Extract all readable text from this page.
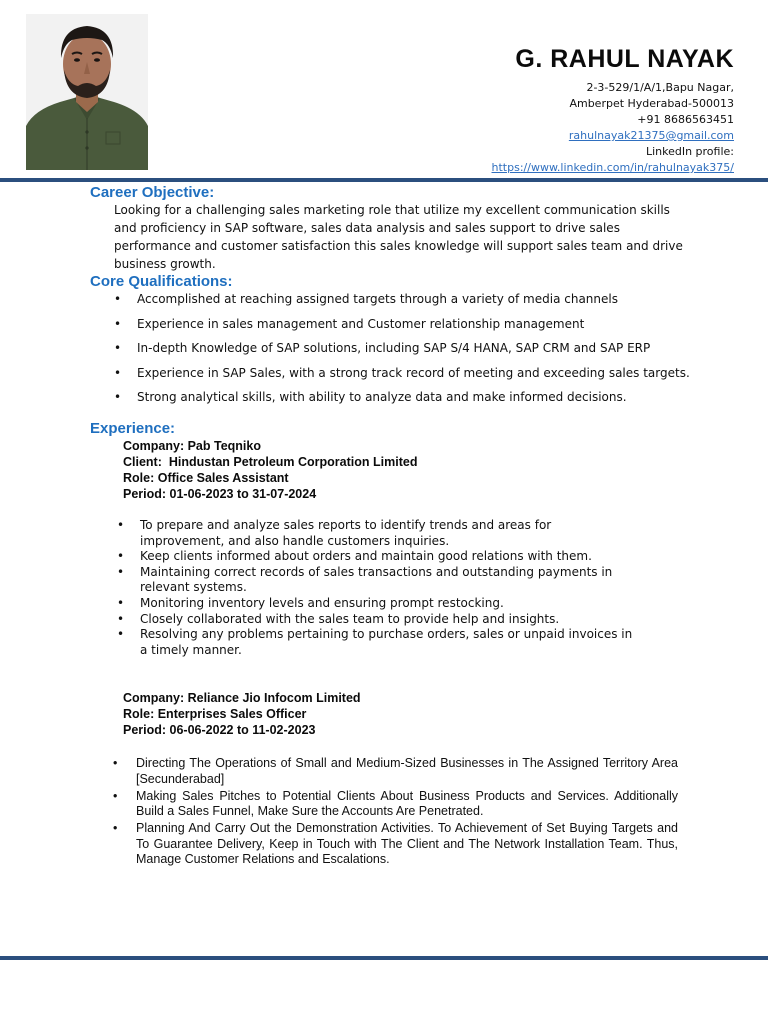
G. RAHUL NAYAK
2-3-529/1/A/1,Bapu Nagar,
Amberpet Hyderabad-500013
+91 8686563451
rahulnayak21375@gmail.com
LinkedIn profile:
https://www.linkedin.com/in/rahulnayak375/
Career Objective:
Looking for a challenging sales marketing role that utilize my excellent communication skills and proficiency in SAP software, sales data analysis and sales support to drive sales performance and customer satisfaction this sales knowledge will support sales team and drive business growth.
Core Qualifications:
• Accomplished at reaching assigned targets through a variety of media channels
• Experience in sales management and Customer relationship management
• In-depth Knowledge of SAP solutions, including SAP S/4 HANA, SAP CRM and SAP ERP
• Experience in SAP Sales, with a strong track record of meeting and exceeding sales targets.
• Strong analytical skills, with ability to analyze data and make informed decisions.
Experience:
Company: Pab Teqniko
Client:  Hindustan Petroleum Corporation Limited
Role: Office Sales Assistant
Period: 01-06-2023 to 31-07-2024
• To prepare and analyze sales reports to identify trends and areas for improvement, and also handle customers inquiries.
• Keep clients informed about orders and maintain good relations with them.
• Maintaining correct records of sales transactions and outstanding payments in relevant systems.
• Monitoring inventory levels and ensuring prompt restocking.
• Closely collaborated with the sales team to provide help and insights.
• Resolving any problems pertaining to purchase orders, sales or unpaid invoices in a timely manner.
Company: Reliance Jio Infocom Limited
Role: Enterprises Sales Officer
Period: 06-06-2022 to 11-02-2023
• Directing The Operations of Small and Medium-Sized Businesses in The Assigned Territory Area [Secunderabad]
• Making Sales Pitches to Potential Clients About Business Products and Services. Additionally Build a Sales Funnel, Make Sure the Accounts Are Penetrated.
• Planning And Carry Out the Demonstration Activities. To Achievement of Set Buying Targets and To Guarantee Delivery, Keep in Touch with The Client and The Network Installation Team. Thus, Manage Customer Relations and Escalations.
